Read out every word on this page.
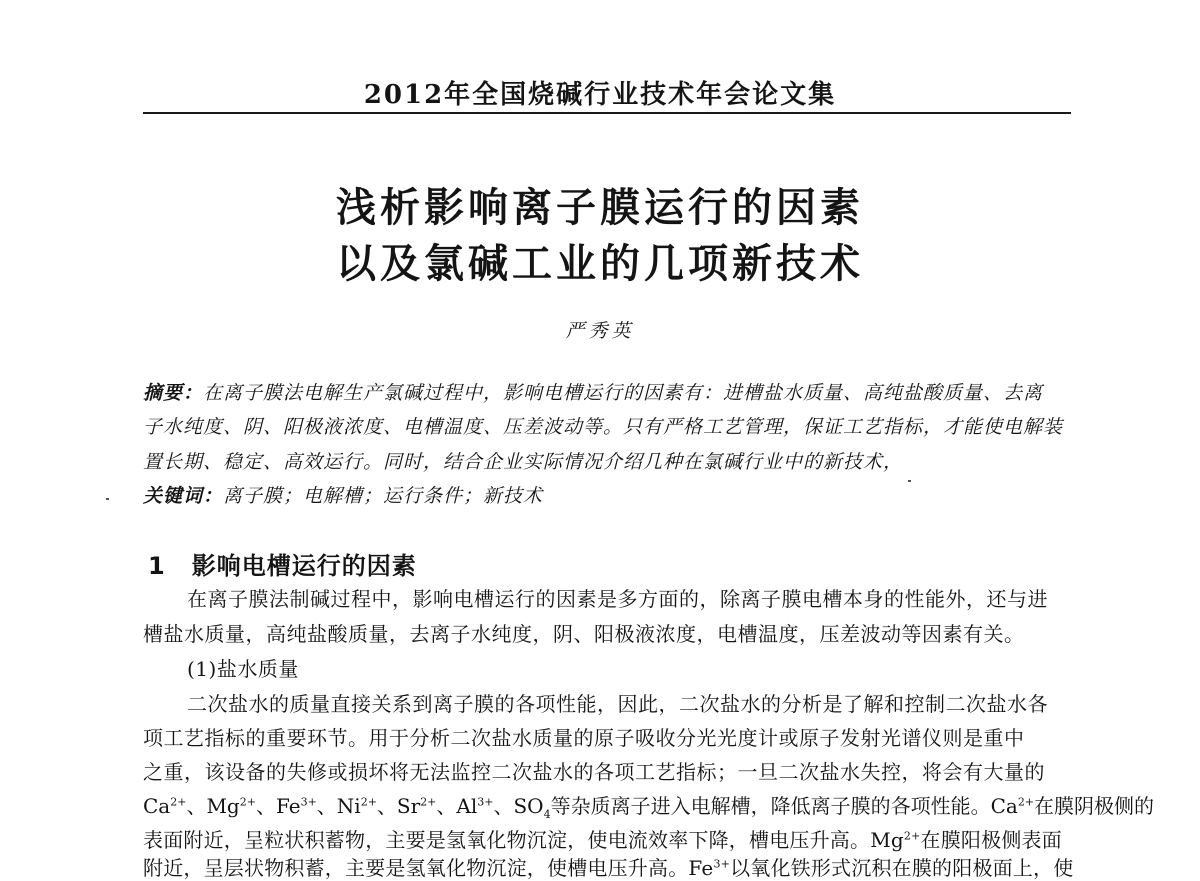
2012年全国烧碱行业技术年会论文集
浅析影响离子膜运行的因素
以及氯碱工业的几项新技术
严秀英
摘要：在离子膜法电解生产氯碱过程中，影响电槽运行的因素有：进槽盐水质量、高纯盐酸质量、去离
子水纯度、阴、阳极液浓度、电槽温度、压差波动等。只有严格工艺管理，保证工艺指标，才能使电解装
置长期、稳定、高效运行。同时，结合企业实际情况介绍几种在氯碱行业中的新技术，
关键词：离子膜；电解槽；运行条件；新技术
1 影响电槽运行的因素
在离子膜法制碱过程中，影响电槽运行的因素是多方面的，除离子膜电槽本身的性能外，还与进
槽盐水质量，高纯盐酸质量，去离子水纯度，阴、阳极液浓度，电槽温度，压差波动等因素有关。
(1)盐水质量
二次盐水的质量直接关系到离子膜的各项性能，因此，二次盐水的分析是了解和控制二次盐水各
项工艺指标的重要环节。用于分析二次盐水质量的原子吸收分光光度计或原子发射光谱仪则是重中
之重，该设备的失修或损坏将无法监控二次盐水的各项工艺指标；一旦二次盐水失控，将会有大量的
$Ca^{2+}$、$Mg^{2+}$、$Fe^{3+}$、$Ni^{2+}$、$Sr^{2+}$、$Al^{3+}$、$SO_4$等杂质离子进入电解槽，降低离子膜的各项性能。$Ca^{2+}$在膜阴极侧的
表面附近，呈粒状积蓄物，主要是氢氧化物沉淀，使电流效率下降，槽电压升高。$Mg^{2+}$在膜阳极侧表面
附近，呈层状物积蓄，主要是氢氧化物沉淀，使槽电压升高。$Fe^{3+}$以氧化铁形式沉积在膜的阳极面上，使
